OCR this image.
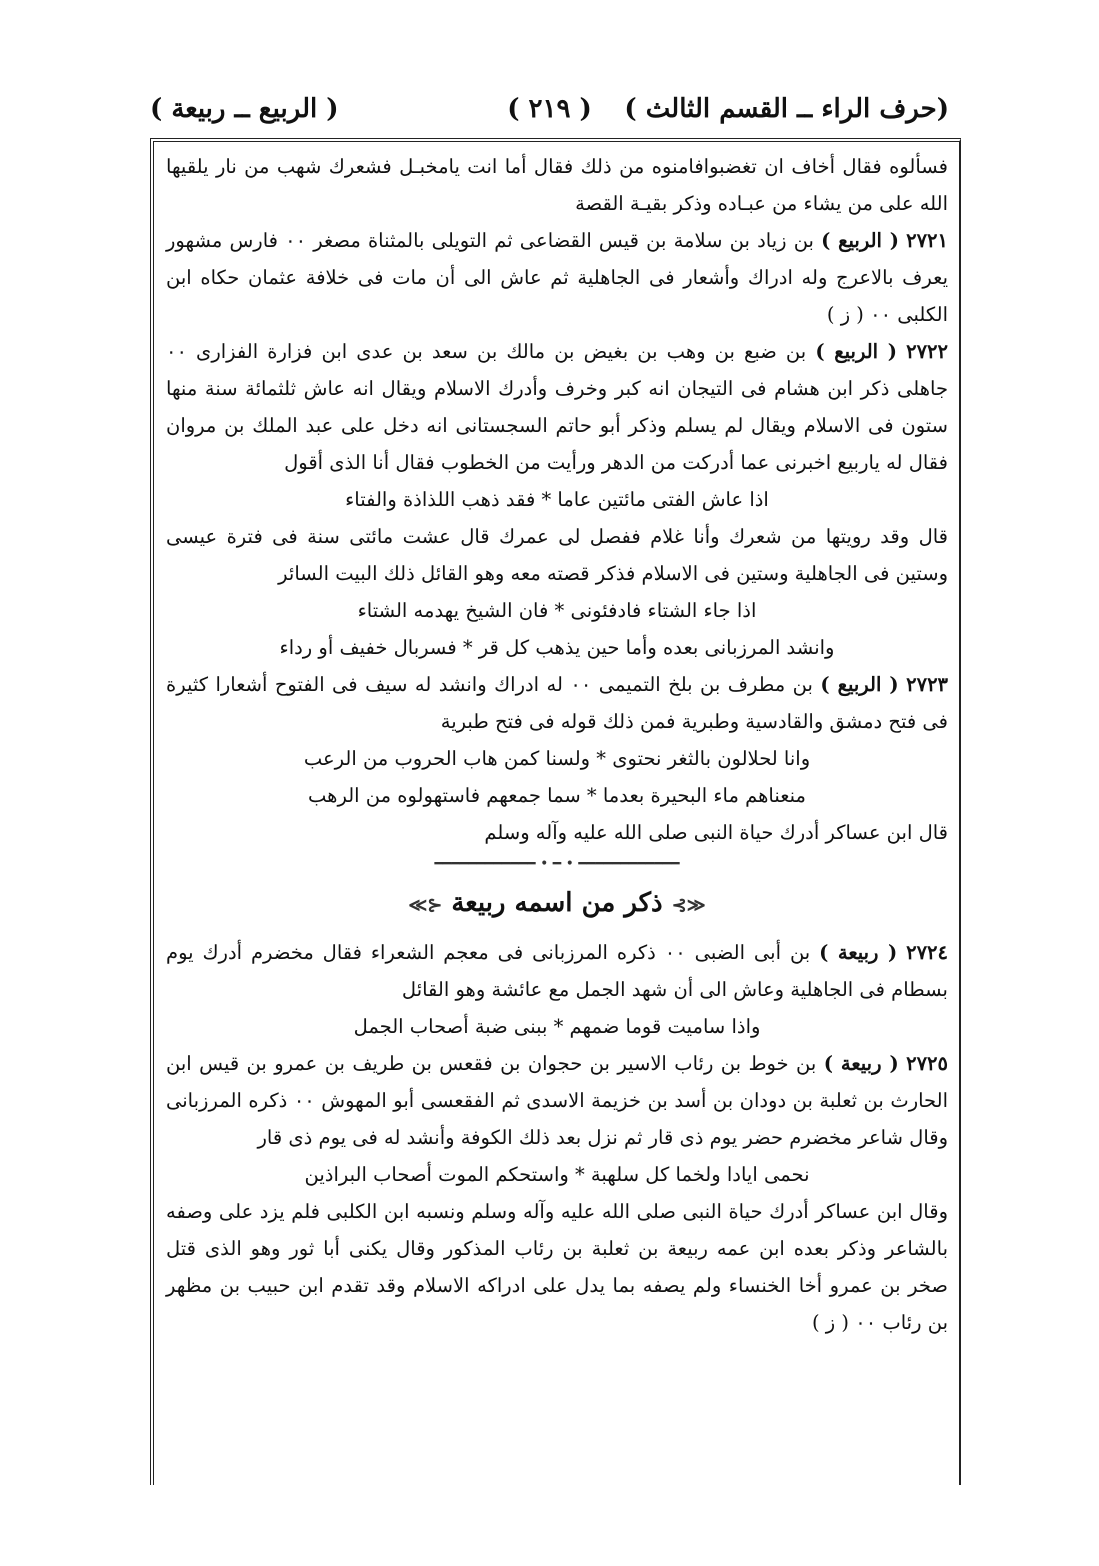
(حرف الراء ــ القسم الثالث )
( ٢١٩ )
( الربيع ــ ربيعة )

فسألوه فقال أخاف ان تغضبوافامنوه من ذلك فقال أما انت يامخبـل فشعرك شهب من نار يلقيها الله على من يشاء من عبـاده وذكر بقيـة القصة

٢٧٢١ ( الربيع ) بن زياد بن سلامة بن قيس القضاعى ثم التويلى بالمثناة مصغر ٠٠ فارس مشهور يعرف بالاعرج وله ادراك وأشعار فى الجاهلية ثم عاش الى أن مات فى خلافة عثمان حكاه ابن الكلبى ٠٠ ( ز )

٢٧٢٢ ( الربيع ) بن ضبع بن وهب بن بغيض بن مالك بن سعد بن عدى ابن فزارة الفزارى ٠٠ جاهلى ذكر ابن هشام فى التيجان انه كبر وخرف وأدرك الاسلام ويقال انه عاش ثلثمائة سنة منها ستون فى الاسلام ويقال لم يسلم وذكر أبو حاتم السجستانى انه دخل على عبد الملك بن مروان فقال له ياربيع اخبرنى عما أدركت من الدهر ورأيت من الخطوب فقال أنا الذى أقول

اذا عاش الفتى مائتين عاما * فقد ذهب اللذاذة والفتاء

قال وقد رويتها من شعرك وأنا غلام ففصل لى عمرك قال عشت مائتى سنة فى فترة عيسى وستين فى الجاهلية وستين فى الاسلام فذكر قصته معه وهو القائل ذلك البيت السائر

اذا جاء الشتاء فادفئونى * فان الشيخ يهدمه الشتاء

وانشد المرزبانى بعده وأما حين يذهب كل قر * فسربال خفيف أو رداء

٢٧٢٣ ( الربيع ) بن مطرف بن بلخ التميمى ٠٠ له ادراك وانشد له سيف فى الفتوح أشعارا كثيرة فى فتح دمشق والقادسية وطبرية فمن ذلك قوله فى فتح طبرية

وانا لحلالون بالثغر نحتوى * ولسنا كمن هاب الحروب من الرعب

منعناهم ماء البحيرة بعدما * سما جمعهم فاستهولوه من الرهب

قال ابن عساكر أدرك حياة النبى صلى الله عليه وآله وسلم

━━━━━━━━━━━━ • ━ • ━━━━━━━━━━━━
≪⊱ ذكر من اسمه ربيعة ⊰≫

٢٧٢٤ ( ربيعة ) بن أبى الضبى ٠٠ ذكره المرزبانى فى معجم الشعراء فقال مخضرم أدرك يوم بسطام فى الجاهلية وعاش الى أن شهد الجمل مع عائشة وهو القائل

واذا ساميت قوما ضمهم * ببنى ضبة أصحاب الجمل

٢٧٢٥ ( ربيعة ) بن خوط بن رئاب الاسير بن حجوان بن فقعس بن طريف بن عمرو بن قيس ابن الحارث بن ثعلبة بن دودان بن أسد بن خزيمة الاسدى ثم الفقعسى أبو المهوش ٠٠ ذكره المرزبانى وقال شاعر مخضرم حضر يوم ذى قار ثم نزل بعد ذلك الكوفة وأنشد له فى يوم ذى قار

نحمى ايادا ولخما كل سلهبة * واستحكم الموت أصحاب البراذين

وقال ابن عساكر أدرك حياة النبى صلى الله عليه وآله وسلم ونسبه ابن الكلبى فلم يزد على وصفه بالشاعر وذكر بعده ابن عمه ربيعة بن ثعلبة بن رئاب المذكور وقال يكنى أبا ثور وهو الذى قتل صخر بن عمرو أخا الخنساء ولم يصفه بما يدل على ادراكه الاسلام وقد تقدم ابن حبيب بن مظهر بن رئاب ٠٠ ( ز )
